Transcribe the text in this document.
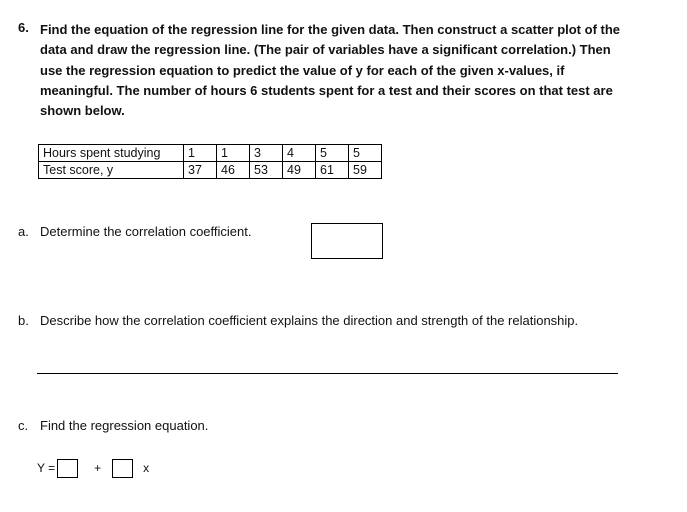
6. Find the equation of the regression line for the given data. Then construct a scatter plot of the
data and draw the regression line. (The pair of variables have a significant correlation.) Then
use the regression equation to predict the value of y for each of the given x-values, if
meaningful. The number of hours 6 students spent for a test and their scores on that test are
shown below.
Hours spent studying	1	1	3	4	5	5
Test score, y	37	46	53	49	61	59
a. Determine the correlation coefficient.
b. Describe how the correlation coefficient explains the direction and strength of the relationship.
c. Find the regression equation.
Y =	+	x
